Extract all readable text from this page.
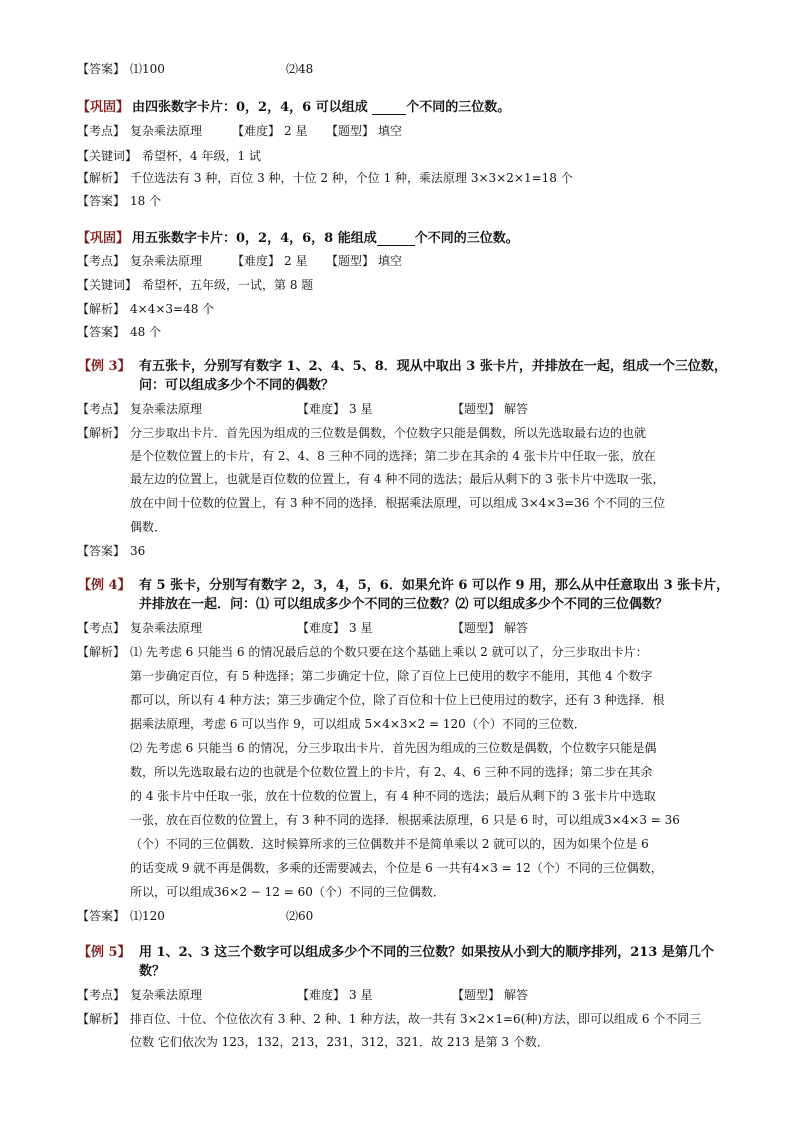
【答案】 ⑴100	⑵48
【巩固】 由四张数字卡片：0，2，4，6 可以组成	个不同的三位数。
【考点】 复杂乘法原理 【难度】 2 星 【题型】 填空
【关键词】 希望杯，4 年级，1 试
【解析】 千位选法有 3 种，百位 3 种，十位 2 种，个位 1 种，乘法原理 3×3×2×1=18 个
【答案】 18 个
【巩固】 用五张数字卡片：0，2，4，6，8 能组成	个不同的三位数。
【考点】 复杂乘法原理 【难度】 2 星 【题型】 填空
【关键词】 希望杯，五年级，一试，第 8 题
【解析】 4×4×3=48 个
【答案】 48 个
【例 3】 有五张卡，分别写有数字 1、2、4、5、8．现从中取出 3 张卡片，并排放在一起，组成一个三位数，
问：可以组成多少个不同的偶数？
【考点】 复杂乘法原理	【难度】 3 星	【题型】 解答
【解析】 分三步取出卡片．首先因为组成的三位数是偶数，个位数字只能是偶数，所以先选取最右边的也就
是个位数位置上的卡片，有 2、4、8 三种不同的选择；第二步在其余的 4 张卡片中任取一张，放在
最左边的位置上，也就是百位数的位置上，有 4 种不同的选法；最后从剩下的 3 张卡片中选取一张，
放在中间十位数的位置上，有 3 种不同的选择．根据乘法原理，可以组成 3×4×3=36 个不同的三位
偶数．
【答案】 36
【例 4】 有 5 张卡，分别写有数字 2，3，4，5，6．如果允许 6 可以作 9 用，那么从中任意取出 3 张卡片，
并排放在一起．问：⑴ 可以组成多少个不同的三位数？⑵ 可以组成多少个不同的三位偶数？
【考点】 复杂乘法原理	【难度】 3 星	【题型】 解答
【解析】 ⑴ 先考虑 6 只能当 6 的情况最后总的个数只要在这个基础上乘以 2 就可以了，分三步取出卡片：
第一步确定百位，有 5 种选择；第二步确定十位，除了百位上已使用的数字不能用，其他 4 个数字
都可以，所以有 4 种方法；第三步确定个位，除了百位和十位上已使用过的数字，还有 3 种选择．根
据乘法原理，考虑 6 可以当作 9，可以组成 5×4×3×2 = 120（个）不同的三位数．
⑵ 先考虑 6 只能当 6 的情况，分三步取出卡片．首先因为组成的三位数是偶数，个位数字只能是偶
数，所以先选取最右边的也就是个位数位置上的卡片，有 2、4、6 三种不同的选择；第二步在其余
的 4 张卡片中任取一张，放在十位数的位置上，有 4 种不同的选法；最后从剩下的 3 张卡片中选取
一张，放在百位数的位置上，有 3 种不同的选择．根据乘法原理，6 只是 6 时，可以组成3×4×3 = 36
（个）不同的三位偶数．这时候算所求的三位偶数并不是简单乘以 2 就可以的，因为如果个位是 6
的话变成 9 就不再是偶数，多乘的还需要减去，个位是 6 一共有4×3 = 12（个）不同的三位偶数，
所以，可以组成36×2 − 12 = 60（个）不同的三位偶数．
【答案】 ⑴120	⑵60
【例 5】 用 1、2、3 这三个数字可以组成多少个不同的三位数？如果按从小到大的顺序排列，213 是第几个
数？
【考点】 复杂乘法原理	【难度】 3 星	【题型】 解答
【解析】 排百位、十位、个位依次有 3 种、2 种、1 种方法，故一共有 3×2×1=6(种)方法，即可以组成 6 个不同三
位数 它们依次为 123，132，213，231，312，321．故 213 是第 3 个数．
